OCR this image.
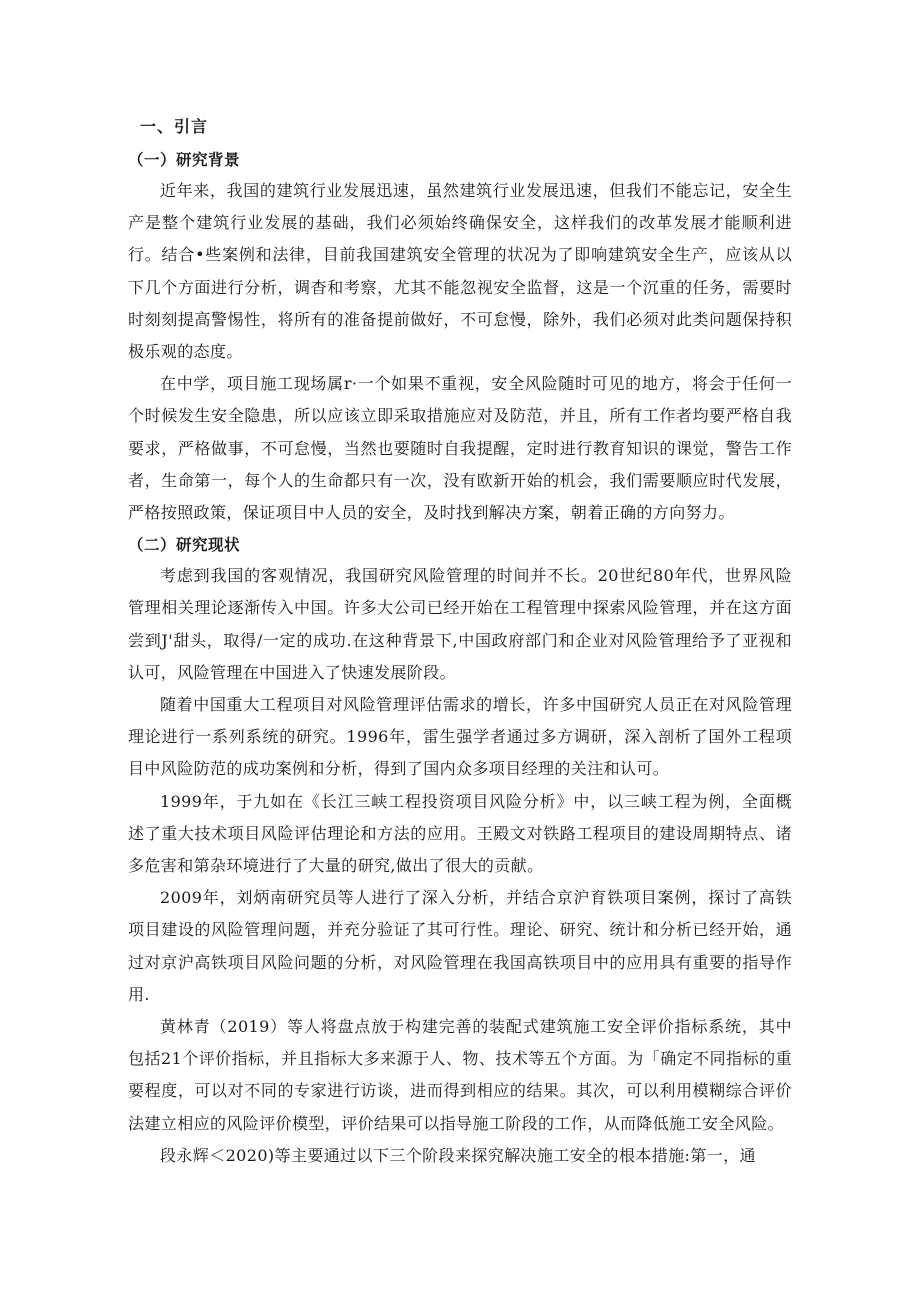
一、引言
（一）研究背景

近年来，我国的建筑行业发展迅速，虽然建筑行业发展迅速，但我们不能忘记，安全生产是整个建筑行业发展的基础，我们必须始终确保安全，这样我们的改革发展才能顺利进行。结合•些案例和法律，目前我国建筑安全管理的状况为了即响建筑安全生产，应该从以下几个方面进行分析，调杳和考察，尤其不能忽视安全监督，这是一个沉重的任务，需要时时刻刻提高警惕性，将所有的准备提前做好，不可怠慢，除外，我们必须对此类问题保持积极乐观的态度。

在中学，项目施工现场属r·一个如果不重视，安全风险随时可见的地方，将会于任何一个时候发生安全隐患，所以应该立即采取措施应对及防范，并且，所有工作者均要严格自我要求，严格做事，不可怠慢，当然也要随时自我提醒，定时进行教育知识的课觉，警告工作者，生命第一，每个人的生命都只有一次，没有欧新开始的机会，我们需要顺应时代发展，严格按照政策，保证项目中人员的安全，及时找到解决方案，朝着正确的方向努力。

（二）研究现状

考虑到我国的客观情况，我国研究风险管理的时间并不长。20世纪80年代，世界风险管理相关理论逐渐传入中国。许多大公司已经开始在工程管理中探索风险管理，并在这方面尝到J'甜头，取得/一定的成功.在这种背景下,中国政府部门和企业对风险管理给予了亚视和认可，风险管理在中国进入了快速发展阶段。

随着中国重大工程项目对风险管理评估需求的增长，许多中国研究人员正在对风险管理理论进行一系列系统的研究。1996年，雷生强学者通过多方调研，深入剖析了国外工程项目中风险防范的成功案例和分析，得到了国内众多项目经理的关注和认可。

1999年，于九如在《长江三峡工程投资项目风险分析》中，以三峡工程为例，全面概述了重大技术项目风险评估理论和方法的应用。王殿文对铁路工程项目的建设周期特点、诸多危害和第杂环境进行了大量的研究,做出了很大的贡献。

2009年，刘炳南研究员等人进行了深入分析，并结合京沪育铁项目案例，探讨了高铁项目建设的风险管理问题，并充分验证了其可行性。理论、研究、统计和分析已经开始，通过对京沪高铁项目风险问题的分析，对风险管理在我国高铁项目中的应用具有重要的指导作用.

黄林青（2019）等人将盘点放于构建完善的装配式建筑施工安全评价指标系统，其中包括21个评价指标，并且指标大多来源于人、物、技术等五个方面。为「确定不同指标的重要程度，可以对不同的专家进行访谈，进而得到相应的结果。其次，可以利用模糊综合评价法建立相应的风险评价模型，评价结果可以指导施工阶段的工作，从而降低施工安全风险。

段永辉＜2020)等主要通过以下三个阶段来探究解决施工安全的根本措施:第一，通
